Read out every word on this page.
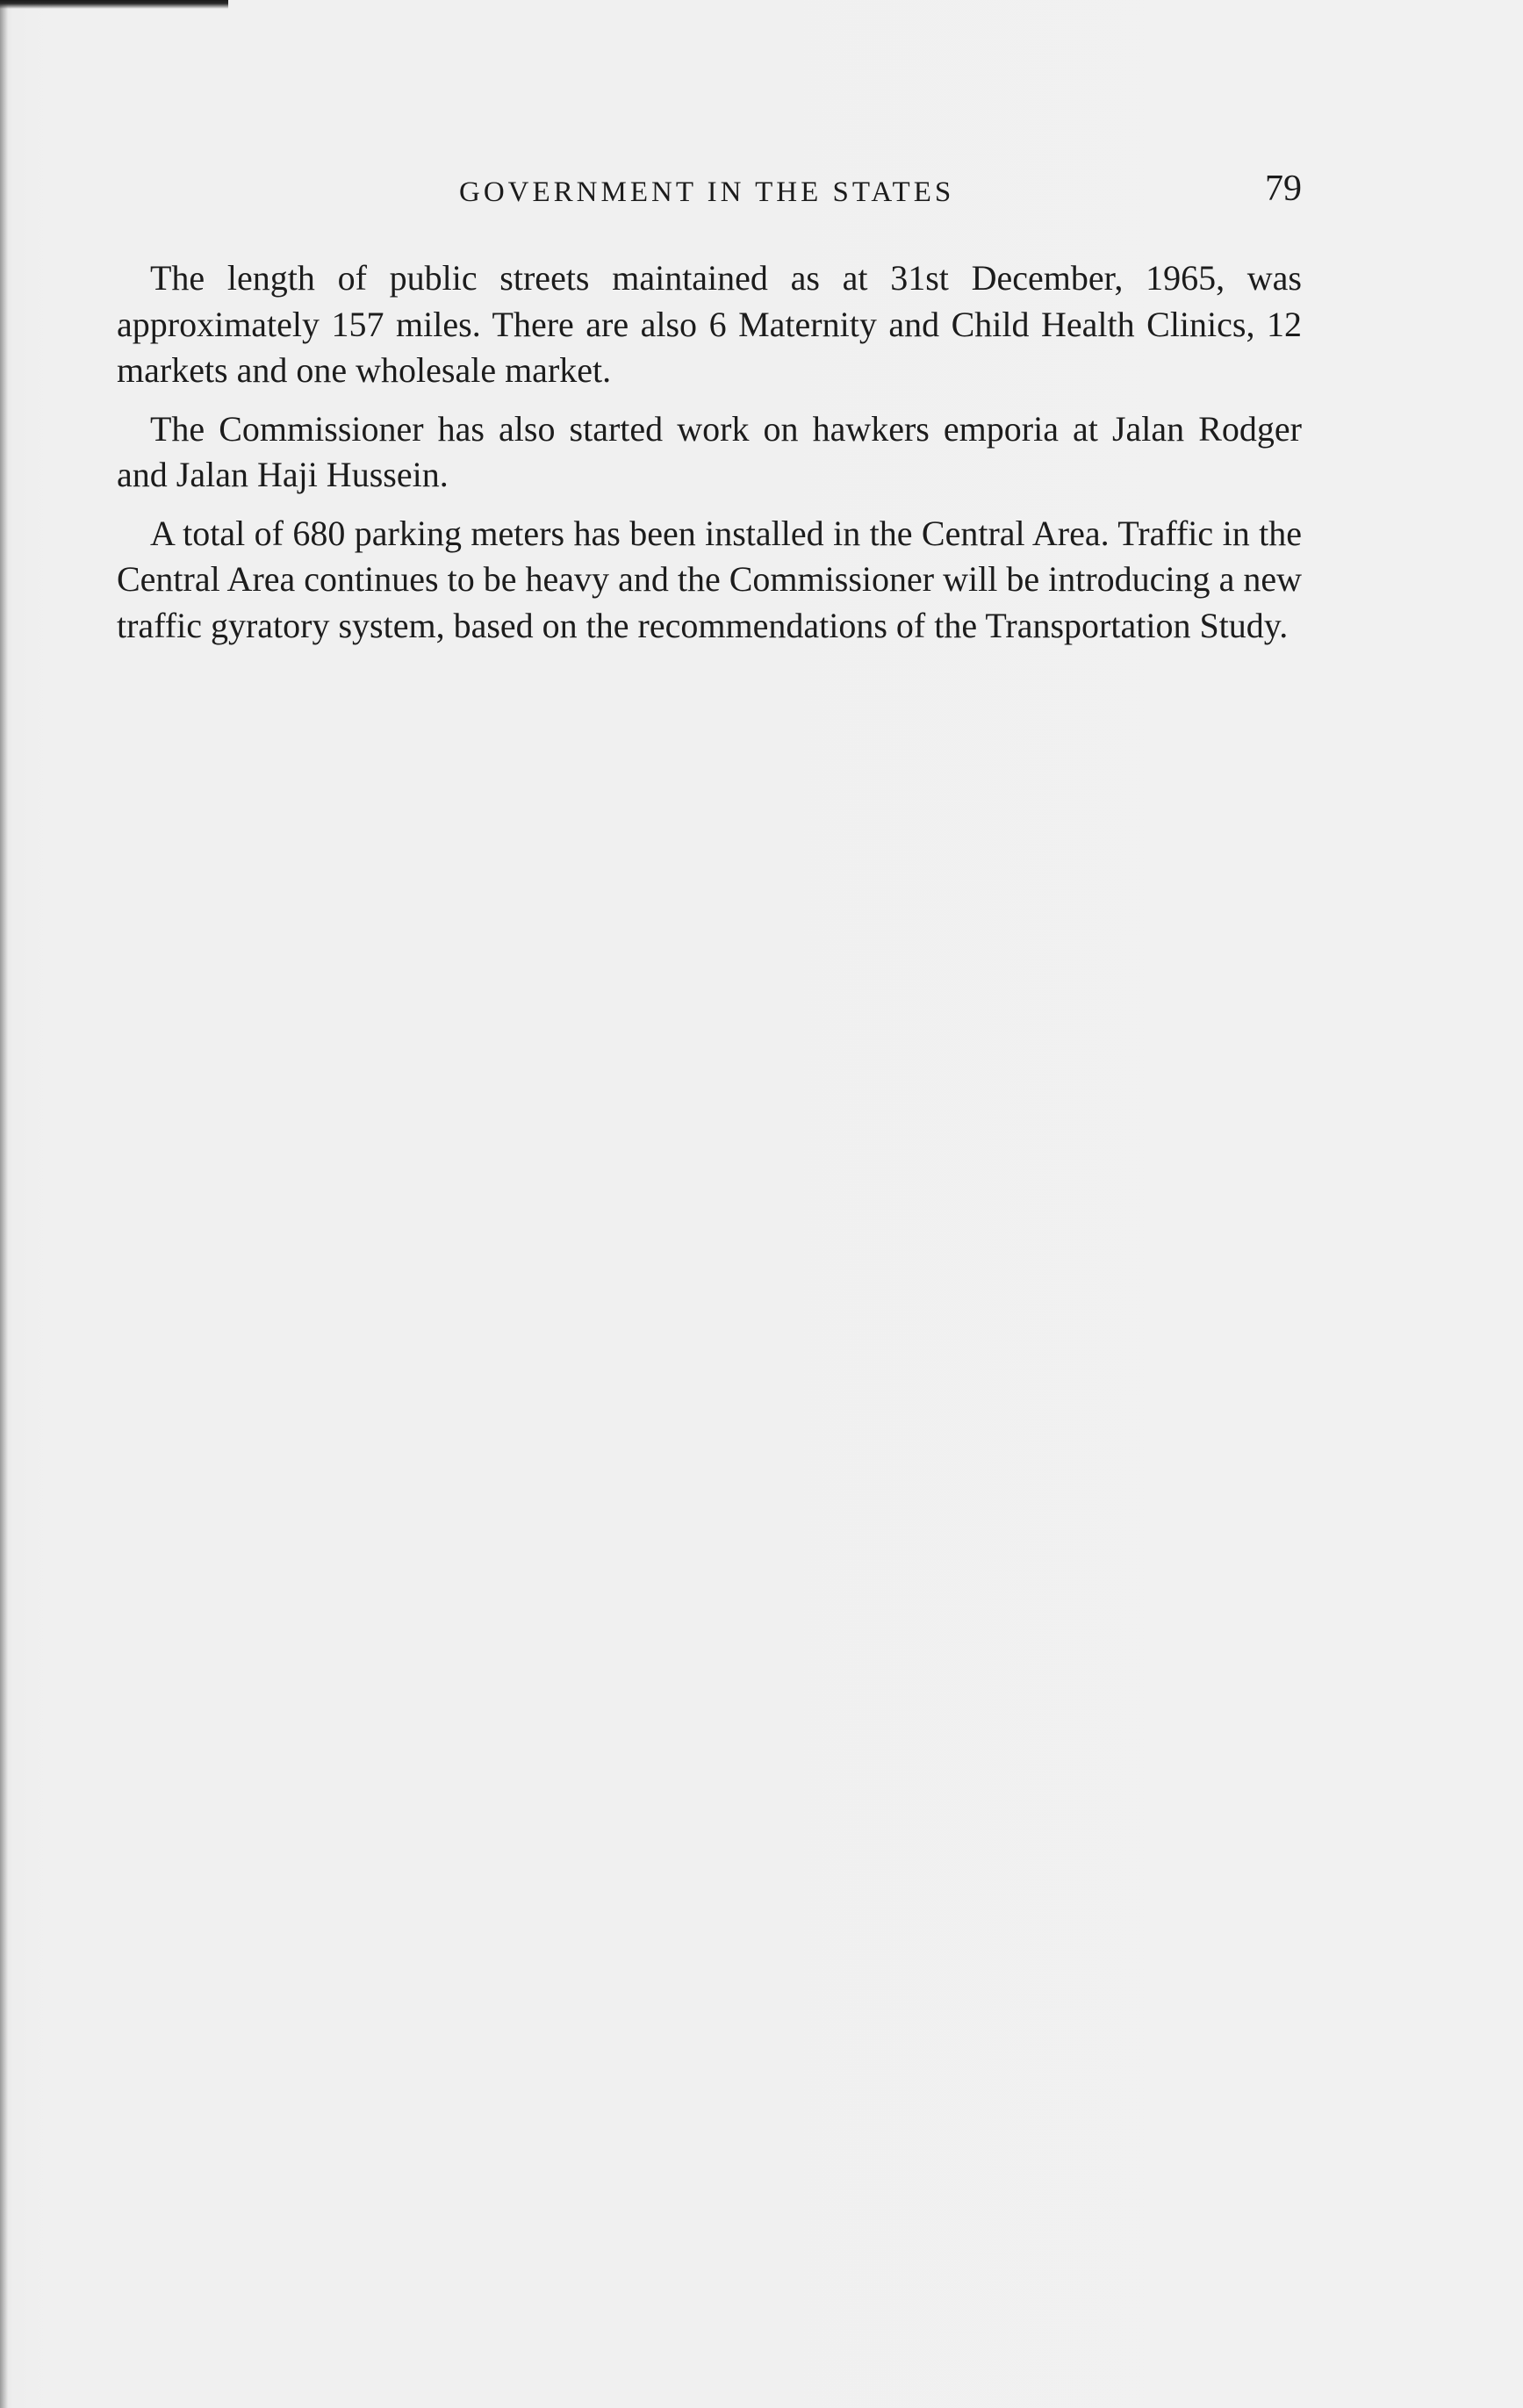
GOVERNMENT IN THE STATES	79

The length of public streets maintained as at 31st December, 1965, was approximately 157 miles. There are also 6 Maternity and Child Health Clinics, 12 markets and one wholesale market.

The Commissioner has also started work on hawkers emporia at Jalan Rodger and Jalan Haji Hussein.

A total of 680 parking meters has been installed in the Central Area. Traffic in the Central Area continues to be heavy and the Commissioner will be introducing a new traffic gyratory system, based on the recommendations of the Transportation Study.
